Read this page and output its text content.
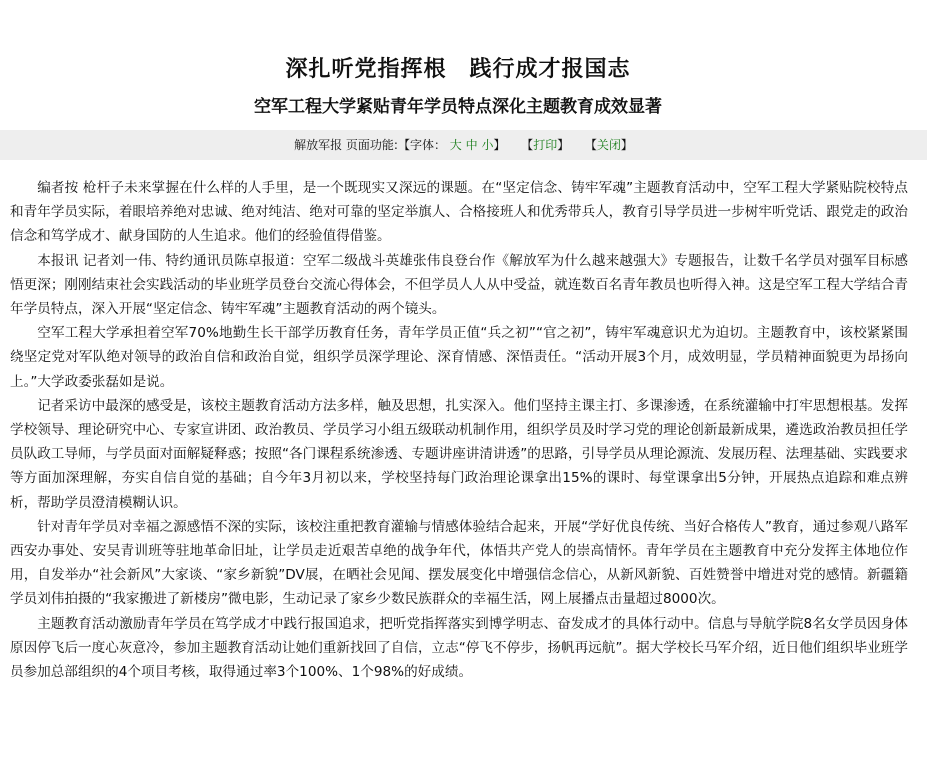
深扎听党指挥根　践行成才报国志
空军工程大学紧贴青年学员特点深化主题教育成效显著
解放军报 页面功能:【字体： 大 中 小】 【打印】 【关闭】

编者按 枪杆子未来掌握在什么样的人手里，是一个既现实又深远的课题。在“坚定信念、铸牢军魂”主题教育活动中，空军工程大学紧贴院校特点和青年学员实际，着眼培养绝对忠诚、绝对纯洁、绝对可靠的坚定举旗人、合格接班人和优秀带兵人，教育引导学员进一步树牢听党话、跟党走的政治信念和笃学成才、献身国防的人生追求。他们的经验值得借鉴。

本报讯 记者刘一伟、特约通讯员陈卓报道：空军二级战斗英雄张伟良登台作《解放军为什么越来越强大》专题报告，让数千名学员对强军目标感悟更深；刚刚结束社会实践活动的毕业班学员登台交流心得体会，不但学员人人从中受益，就连数百名青年教员也听得入神。这是空军工程大学结合青年学员特点，深入开展“坚定信念、铸牢军魂”主题教育活动的两个镜头。

空军工程大学承担着空军70%地勤生长干部学历教育任务，青年学员正值“兵之初”“官之初”，铸牢军魂意识尤为迫切。主题教育中，该校紧紧围绕坚定党对军队绝对领导的政治自信和政治自觉，组织学员深学理论、深育情感、深悟责任。“活动开展3个月，成效明显，学员精神面貌更为昂扬向上。”大学政委张磊如是说。

记者采访中最深的感受是，该校主题教育活动方法多样，触及思想，扎实深入。他们坚持主课主打、多课渗透，在系统灌输中打牢思想根基。发挥学校领导、理论研究中心、专家宣讲团、政治教员、学员学习小组五级联动机制作用，组织学员及时学习党的理论创新最新成果，遴选政治教员担任学员队政工导师，与学员面对面解疑释惑；按照“各门课程系统渗透、专题讲座讲清讲透”的思路，引导学员从理论源流、发展历程、法理基础、实践要求等方面加深理解，夯实自信自觉的基础；自今年3月初以来，学校坚持每门政治理论课拿出15%的课时、每堂课拿出5分钟，开展热点追踪和难点辨析，帮助学员澄清模糊认识。

针对青年学员对幸福之源感悟不深的实际，该校注重把教育灌输与情感体验结合起来，开展“学好优良传统、当好合格传人”教育，通过参观八路军西安办事处、安吴青训班等驻地革命旧址，让学员走近艰苦卓绝的战争年代，体悟共产党人的崇高情怀。青年学员在主题教育中充分发挥主体地位作用，自发举办“社会新风”大家谈、“家乡新貌”DV展，在晒社会见闻、摆发展变化中增强信念信心，从新风新貌、百姓赞誉中增进对党的感情。新疆籍学员刘伟拍摄的“我家搬进了新楼房”微电影，生动记录了家乡少数民族群众的幸福生活，网上展播点击量超过8000次。

主题教育活动激励青年学员在笃学成才中践行报国追求，把听党指挥落实到博学明志、奋发成才的具体行动中。信息与导航学院8名女学员因身体原因停飞后一度心灰意冷，参加主题教育活动让她们重新找回了自信，立志“停飞不停步，扬帆再远航”。据大学校长马军介绍，近日他们组织毕业班学员参加总部组织的4个项目考核，取得通过率3个100%、1个98%的好成绩。
